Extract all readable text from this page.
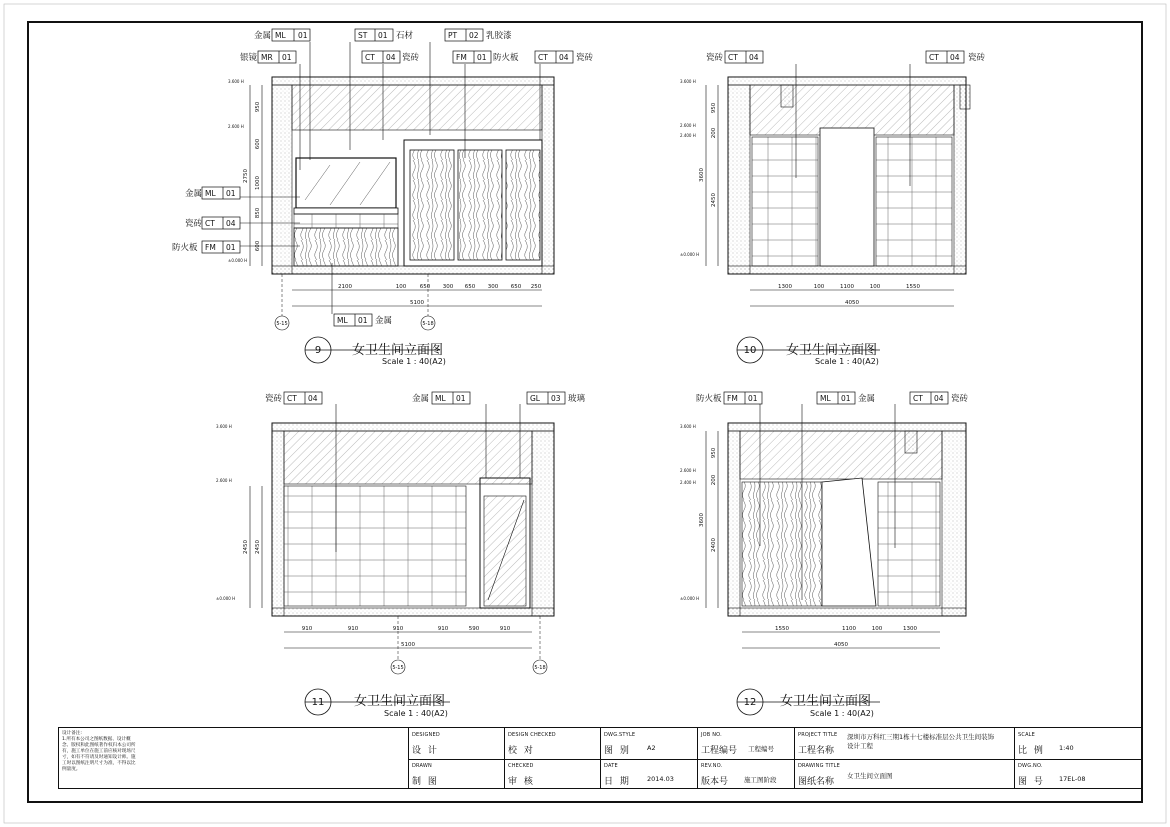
5-15	5-18
金属 ML 01	ST 01 石材	PT 02 乳胶漆
银镜 MR 01	CT 04 瓷砖	FM 01 防火板	CT 04 瓷砖
金属 ML 01
瓷砖 CT 04
防火板 FM 01
ML 01 金属
2100	100 650 300 650 300 650 250
5100
950
600
1000
850
600
2750
3.600 H
2.600 H
±0.000 H
9 女卫生间立面图
Scale 1 : 40(A2)
瓷砖 CT 04	CT 04 瓷砖
1300	100	1100	100	1550
4050
950
200
3600
2450
3.600 H
2.600 H
2.400 H
±0.000 H
10 女卫生间立面图
Scale 1 : 40(A2)
5-15	5-18
瓷砖 CT 04	金属 ML 01	GL 03 玻璃
910	910	910	910	590	910
5100
2450
2450
3.600 H
2.600 H
±0.000 H
11 女卫生间立面图
Scale 1 : 40(A2)
防火板 FM 01	ML 01 金属	CT 04 瓷砖
1550	1100	100	1300
4050
950
200
3600
2400
3.600 H
2.600 H
2.400 H
±0.000 H
12 女卫生间立面图
Scale 1 : 40(A2)
设计备注:
1.所有本公司之图纸数据、设计概念、版权和此图纸著作权归本公司所有，施工单位在施工前应核对现场尺寸，如有不符请及时通知设计师。施工时以图纸注明尺寸为准，不得以比例量度。
DESIGNED
设 计
DRAWN
制 图
DESIGN CHECKED
校 对
CHECKED
审 核
DWG.STYLE
图 别 A2
DATE
日 期 2014.03
JOB NO.
工程编号 工程编号
REV.NO.
版本号 施工图阶段
PROJECT TITLE
工程名称
深圳市万科红三期1栋十七楼标准层公共卫生间装饰设计工程
DRAWING TITLE
图纸名称
女卫生间立面图
SCALE
比 例 1:40
DWG.NO.
图 号 17EL-08
